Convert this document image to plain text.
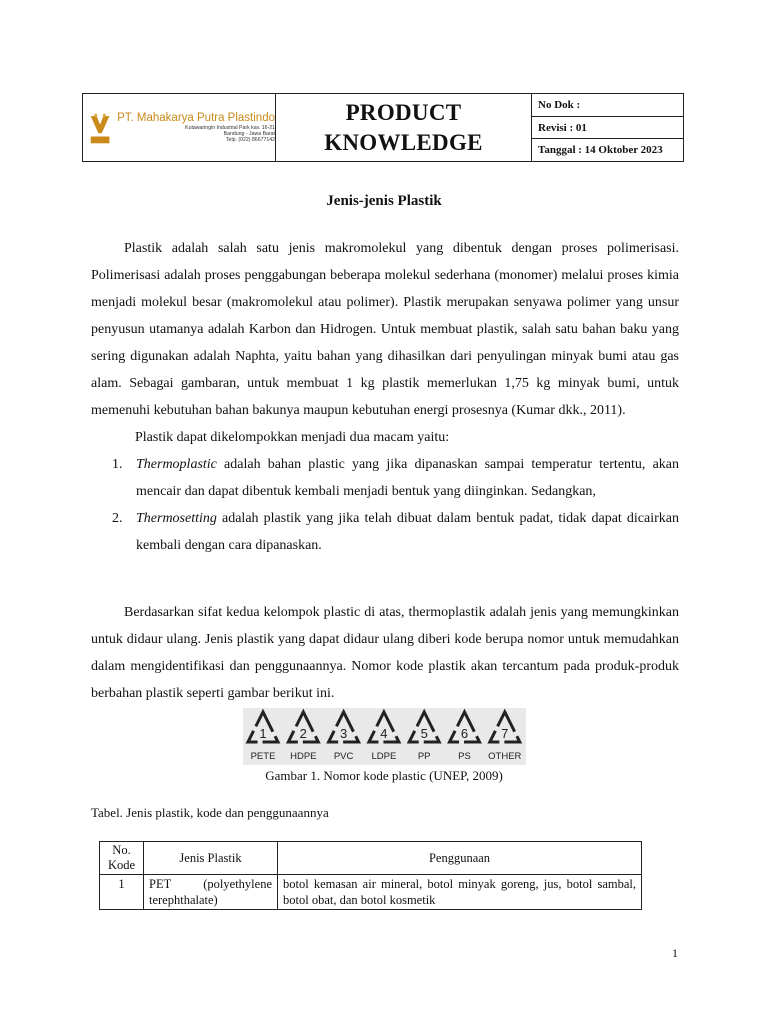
PT. Mahakarya Putra Plastindo
Kutawaringin Industrial Park kav. 16-21
Bandung - Jawa Barat
Telp. (022) 86677142
PRODUCT
KNOWLEDGE
No Dok :
Revisi : 01
Tanggal : 14 Oktober 2023
Jenis-jenis Plastik

Plastik adalah salah satu jenis makromolekul yang dibentuk dengan proses polimerisasi. Polimerisasi adalah proses penggabungan beberapa molekul sederhana (monomer) melalui proses kimia menjadi molekul besar (makromolekul atau polimer). Plastik merupakan senyawa polimer yang unsur penyusun utamanya adalah Karbon dan Hidrogen. Untuk membuat plastik, salah satu bahan baku yang sering digunakan adalah Naphta, yaitu bahan yang dihasilkan dari penyulingan minyak bumi atau gas alam. Sebagai gambaran, untuk membuat 1 kg plastik memerlukan 1,75 kg minyak bumi, untuk memenuhi kebutuhan bahan bakunya maupun kebutuhan energi prosesnya (Kumar dkk., 2011).

Plastik dapat dikelompokkan menjadi dua macam yaitu:

1. Thermoplastic adalah bahan plastic yang jika dipanaskan sampai temperatur tertentu, akan mencair dan dapat dibentuk kembali menjadi bentuk yang diinginkan. Sedangkan,
2. Thermosetting adalah plastik yang jika telah dibuat dalam bentuk padat, tidak dapat dicairkan kembali dengan cara dipanaskan.

Berdasarkan sifat kedua kelompok plastic di atas, thermoplastik adalah jenis yang memungkinkan untuk didaur ulang. Jenis plastik yang dapat didaur ulang diberi kode berupa nomor untuk memudahkan dalam mengidentifikasi dan penggunaannya. Nomor kode plastik akan tercantum pada produk-produk berbahan plastik seperti gambar berikut ini.

1
PETE
2
HDPE
3
PVC
4
LDPE
5
PP
6
PS
7
OTHER
Gambar 1. Nomor kode plastic (UNEP, 2009)
Tabel. Jenis plastik, kode dan penggunaannya
No. Kode	Jenis Plastik	Penggunaan
1	PET (polyethylene terephthalate)	botol kemasan air mineral, botol minyak goreng, jus, botol sambal, botol obat, dan botol kosmetik
1
